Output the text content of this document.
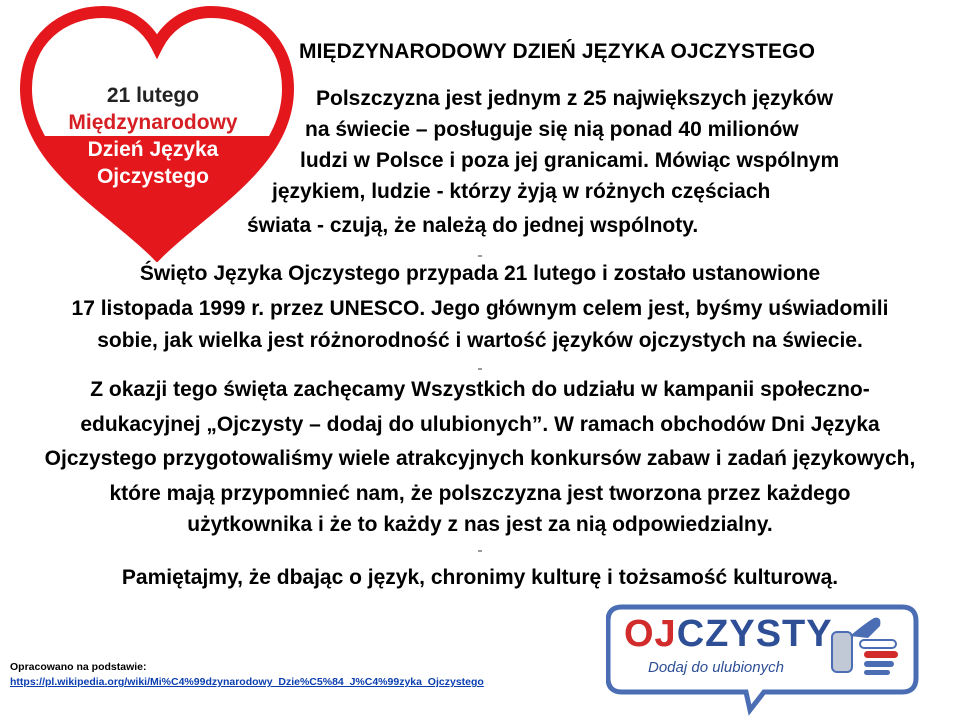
21 lutego
Międzynarodowy
Dzień Języka
Ojczystego
MIĘDZYNARODOWY DZIEŃ JĘZYKA OJCZYSTEGO
Polszczyzna jest jednym z 25 największych języków
na świecie – posługuje się nią ponad 40 milionów
ludzi w Polsce i poza jej granicami. Mówiąc wspólnym
językiem, ludzie - którzy żyją w różnych częściach
świata - czują, że należą do jednej wspólnoty.

Święto Języka Ojczystego przypada 21 lutego i zostało ustanowione

17 listopada 1999 r. przez UNESCO. Jego głównym celem jest, byśmy uświadomili

sobie, jak wielka jest różnorodność i wartość języków ojczystych na świecie.

Z okazji tego święta zachęcamy Wszystkich do udziału w kampanii społeczno-

edukacyjnej „Ojczysty – dodaj do ulubionych”. W ramach obchodów Dni Języka

Ojczystego przygotowaliśmy wiele atrakcyjnych konkursów zabaw i zadań językowych,

które mają przypomnieć nam, że polszczyzna jest tworzona przez każdego

użytkownika i że to każdy z nas jest za nią odpowiedzialny.

Pamiętajmy, że dbając o język, chronimy kulturę i tożsamość kulturową.

Opracowano na podstawie:
https://pl.wikipedia.org/wiki/Mi%C4%99dzynarodowy_Dzie%C5%84_J%C4%99zyka_Ojczystego
OJCZYSTY
Dodaj do ulubionych
